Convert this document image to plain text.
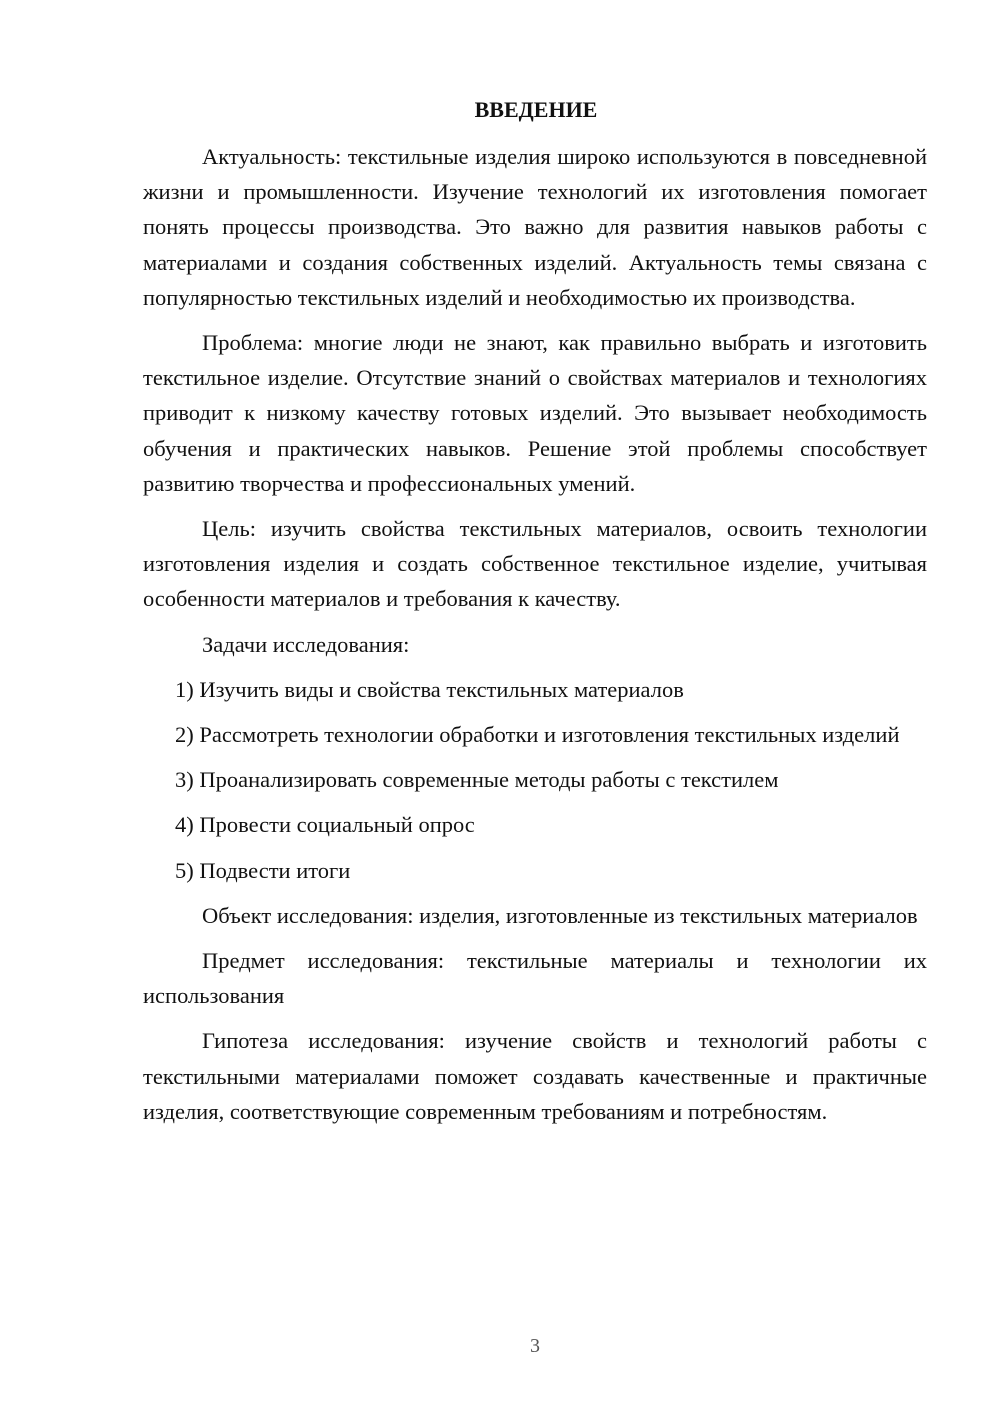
ВВЕДЕНИЕ

Актуальность: текстильные изделия широко используются в повседневной жизни и промышленности. Изучение технологий их изготовления помогает понять процессы производства. Это важно для развития навыков работы с материалами и создания собственных изделий. Актуальность темы связана с популярностью текстильных изделий и необходимостью их производства.

Проблема: многие люди не знают, как правильно выбрать и изготовить текстильное изделие. Отсутствие знаний о свойствах материалов и технологиях приводит к низкому качеству готовых изделий. Это вызывает необходимость обучения и практических навыков. Решение этой проблемы способствует развитию творчества и профессиональных умений.

Цель: изучить свойства текстильных материалов, освоить технологии изготовления изделия и создать собственное текстильное изделие, учитывая особенности материалов и требования к качеству.

Задачи исследования:

1) Изучить виды и свойства текстильных материалов

2) Рассмотреть технологии обработки и изготовления текстильных изделий

3) Проанализировать современные методы работы с текстилем

4) Провести социальный опрос

5) Подвести итоги

Объект исследования: изделия, изготовленные из текстильных материалов

Предмет исследования: текстильные материалы и технологии их использования

Гипотеза исследования: изучение свойств и технологий работы с текстильными материалами поможет создавать качественные и практичные изделия, соответствующие современным требованиям и потребностям.

3
